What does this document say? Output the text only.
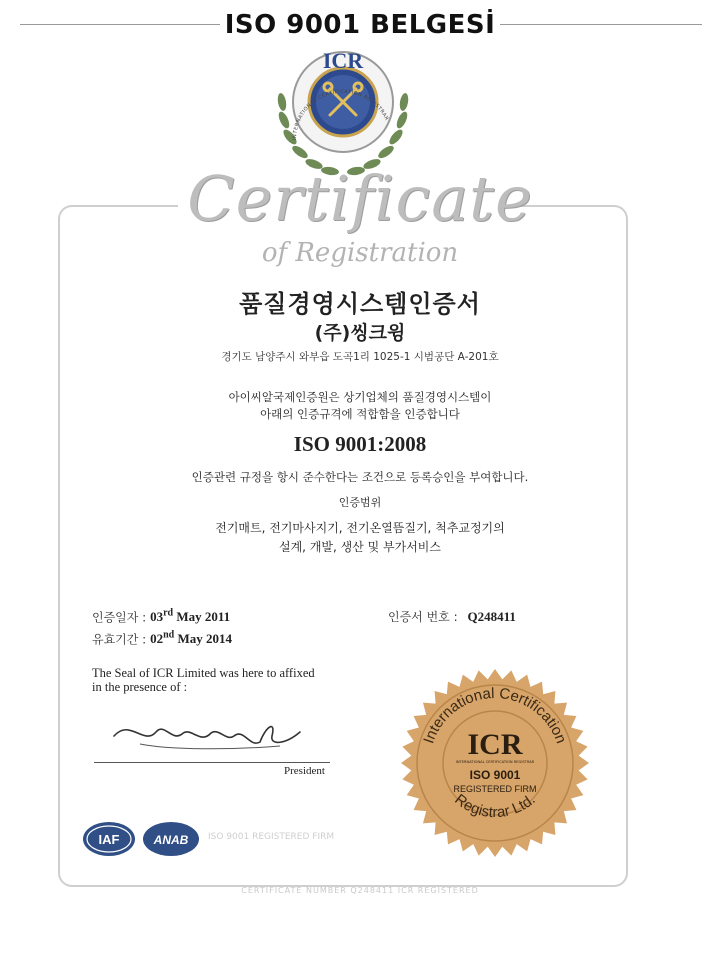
ISO 9001 BELGESİ
ICR
INTERNATIONAL CERTIFICATION REGISTRAR
Certificate
of Registration
품질경영시스템인증서
(주)씽크윙
경기도 남양주시 와부읍 도곡1리 1025-1 시범공단 A-201호
아이씨알국제인증원은 상기업체의 품질경영시스템이
아래의 인증규격에 적합함을 인증합니다
ISO 9001:2008
인증관련 규정을 항시 준수한다는 조건으로 등록승인을 부여합니다.
인증범위
전기매트, 전기마사지기, 전기온열뜸질기, 척추교정기의
설계, 개발, 생산 및 부가서비스
인증일자 : 03rd May 2011
유효기간 : 02nd May 2014
인증서 번호 : Q248411
The Seal of ICR Limited was here to affixed
in the presence of :
Kookyong Kim
President
International Certification
ICR
INTERNATIONAL CERTIFICATION REGISTRAR
ISO 9001
REGISTERED FIRM
Registrar Ltd.
IAF	ANAB ISO 9001 REGISTERED FIRM
CERTIFICATE NUMBER Q248411 ICR REGISTERED
